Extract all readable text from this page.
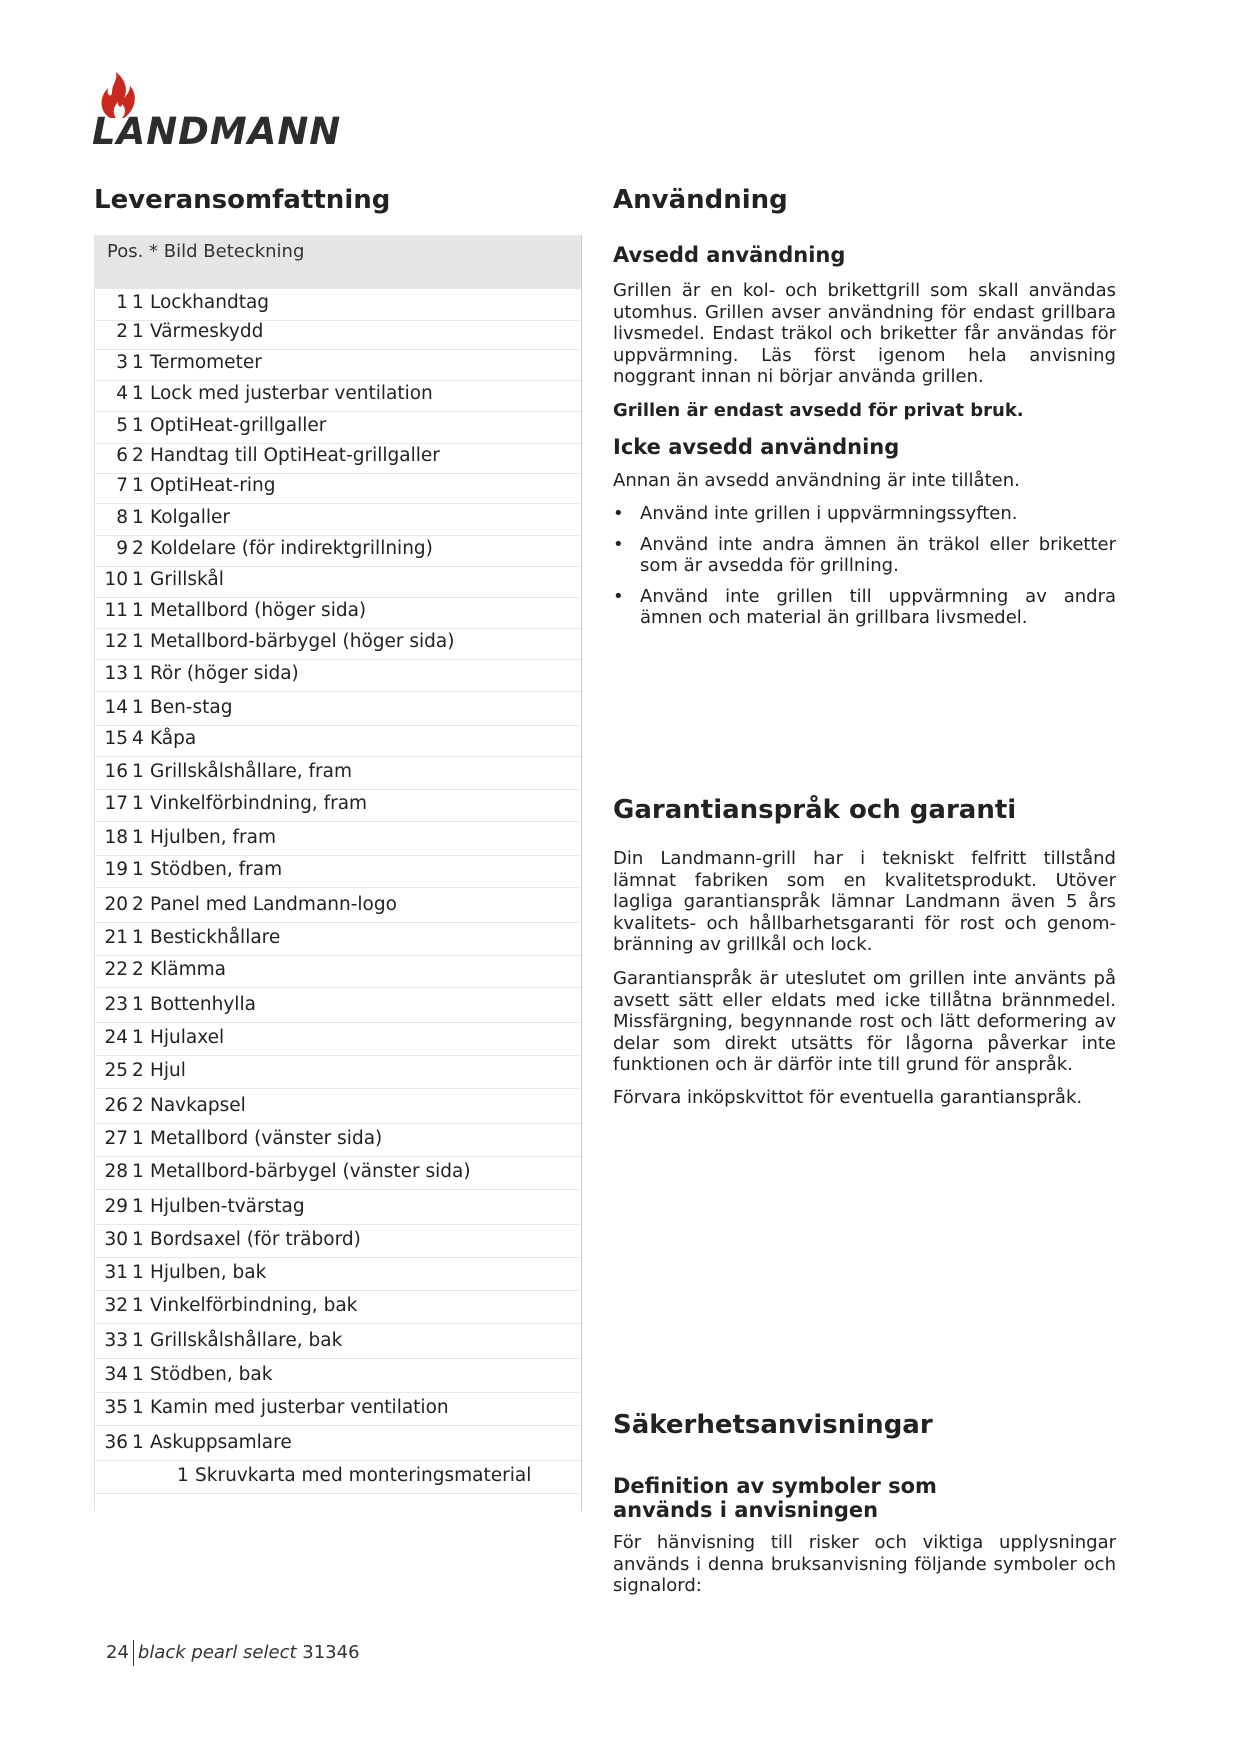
LANDMANN
Leveransomfattning
Pos. * Bild Beteckning
1 1 Lockhandtag
2 1 Värmeskydd
3 1 Termometer
4 1 Lock med justerbar ventilation
5 1 OptiHeat-grillgaller
6 2 Handtag till OptiHeat-grillgaller
7 1 OptiHeat-ring
8 1 Kolgaller
9 2 Koldelare (för indirektgrillning)
10 1 Grillskål
11 1 Metallbord (höger sida)
12 1 Metallbord-bärbygel (höger sida)
13 1 Rör (höger sida)
14 1 Ben-stag
15 4 Kåpa
16 1 Grillskålshållare, fram
17 1 Vinkelförbindning, fram
18 1 Hjulben, fram
19 1 Stödben, fram
20 2 Panel med Landmann-logo
21 1 Bestickhållare
22 2 Klämma
23 1 Bottenhylla
24 1 Hjulaxel
25 2 Hjul
26 2 Navkapsel
27 1 Metallbord (vänster sida)
28 1 Metallbord-bärbygel (vänster sida)
29 1 Hjulben-tvärstag
30 1 Bordsaxel (för träbord)
31 1 Hjulben, bak
32 1 Vinkelförbindning, bak
33 1 Grillskålshållare, bak
34 1 Stödben, bak
35 1 Kamin med justerbar ventilation
36 1 Askuppsamlare
1 Skruvkarta med monteringsmaterial
Användning
Avsedd användning

Grillen är en kol- och brikettgrill som skall användas utomhus. Grillen avser användning för endast grillbara livsmedel. Endast träkol och briketter får användas för uppvärmning. Läs först igenom hela anvisning noggrant innan ni börjar använda grillen.

Grillen är endast avsedd för privat bruk.

Icke avsedd användning

Annan än avsedd användning är inte tillåten.

• Använd inte grillen i uppvärmningssyften.
• Använd inte andra ämnen än träkol eller briketter som är avsedda för grillning.
• Använd inte grillen till uppvärmning av andra ämnen och material än grillbara livsmedel.
Garantianspråk och garanti

Din Landmann-grill har i tekniskt felfritt tillstånd lämnat fabriken som en kvalitetsprodukt. Utöver lagliga garantianspråk lämnar Landmann även 5 års kvalitets- och hållbarhetsgaranti för rost och genom-bränning av grillkål och lock.

Garantianspråk är uteslutet om grillen inte använts på avsett sätt eller eldats med icke tillåtna brännmedel. Missfärgning, begynnande rost och lätt deformering av delar som direkt utsätts för lågorna påverkar inte funktionen och är därför inte till grund för anspråk.

Förvara inköpskvittot för eventuella garantianspråk.

Säkerhetsanvisningar
Definition av symboler som används i anvisningen

För hänvisning till risker och viktiga upplysningar används i denna bruksanvisning följande symboler och signalord:

24 black pearl select 31346
